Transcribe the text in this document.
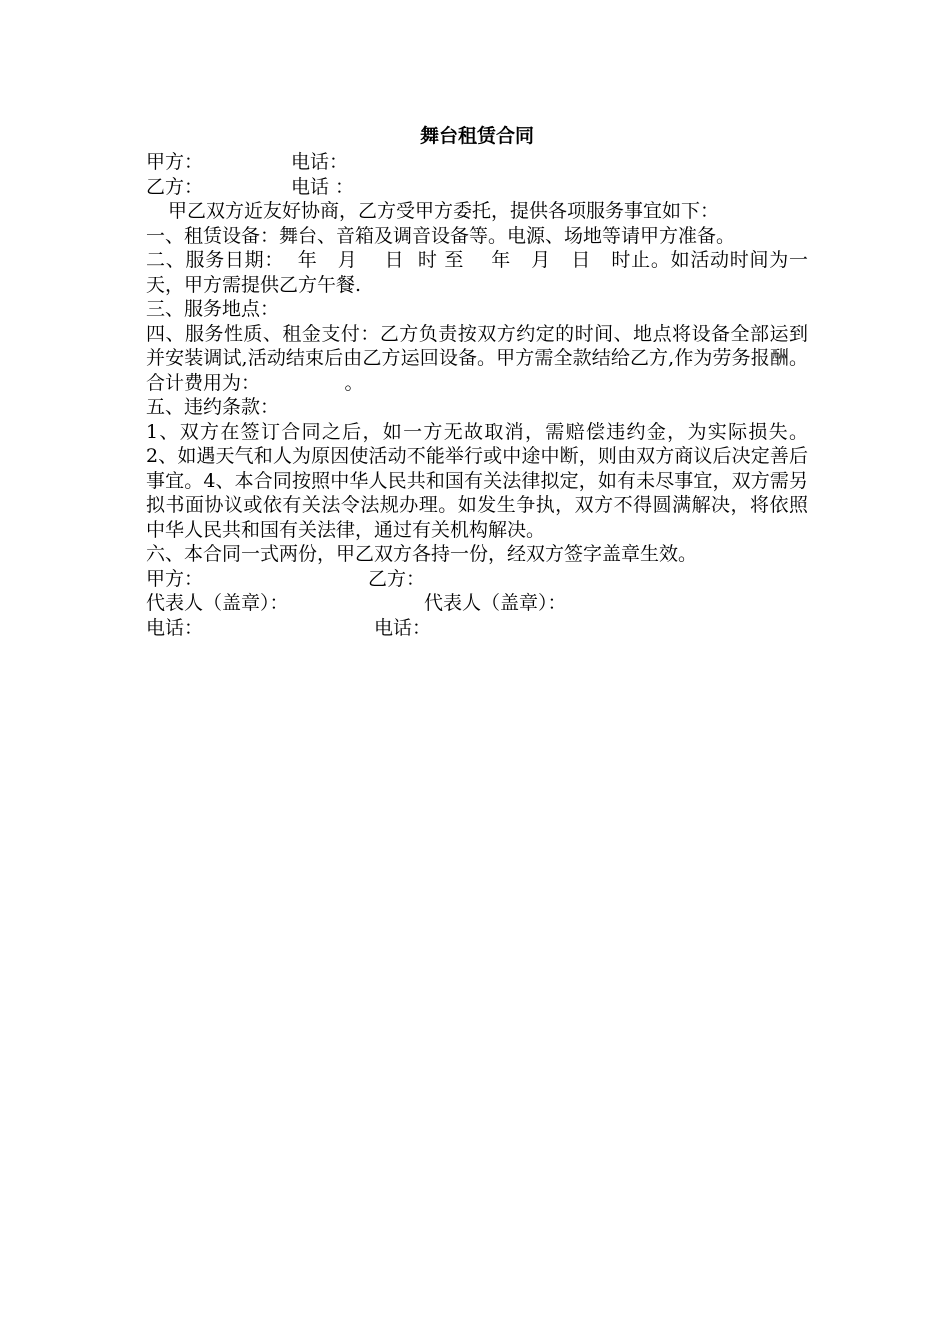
舞台租赁合同
甲方：	电话：
乙方：	电话 ：
甲乙双方近友好协商，乙方受甲方委托，提供各项服务事宜如下：
一、租赁设备：舞台、音箱及调音设备等。电源、场地等请甲方准备。
二、服务日期：  年   月    日  时 至    年   月   日   时止。如活动时间为一天，甲方需提供乙方午餐.
三、服务地点：
四、服务性质、租金支付：乙方负责按双方约定的时间、地点将设备全部运到并安装调试,活动结束后由乙方运回设备。甲方需全款结给乙方,作为劳务报酬。 合计费用为：              。
五、违约条款：
1、双方在签订合同之后，如一方无故取消，需赔偿违约金，为实际损失。  2、如遇天气和人为原因使活动不能举行或中途中断，则由双方商议后决定善后事宜。4、本合同按照中华人民共和国有关法律拟定，如有未尽事宜，双方需另拟书面协议或依有关法令法规办理。如发生争执，双方不得圆满解决，将依照中华人民共和国有关法律，通过有关机构解决。
六、本合同一式两份，甲乙双方各持一份，经双方签字盖章生效。
甲方：	乙方：
代表人（盖章）：	代表人（盖章）：
电话：	电话：
